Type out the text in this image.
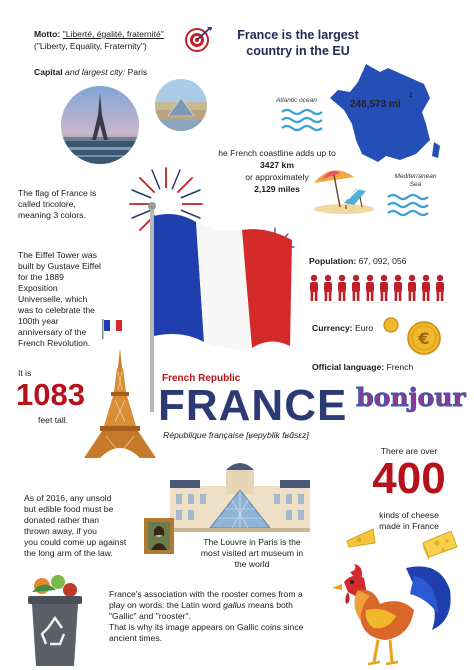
Motto: "Liberté, égalité, fraternité"
("Liberty, Equality, Fraternity")
France is the largest
country in the EU
Capital and largest city: Paris
248,573 mi
2
Atlantic ocean
Mediterranean
Sea
he French coastline adds up to
3427 km
or approximately
2,129 miles
The flag of France is
called tricolore,
meaning 3 colors.
The Eiffel Tower was
built by Gustave Eiffel
for the 1889
Exposition
Universelle, which
was to celebrate the
100th year
anniversary of the
French Revolution.
Population: 67, 092, 056
Currency: Euro
€
Official language: French
bonjour
It is
1083
feet tall.
French Republic
FRANCE
République française [ʁepyblik fʁɑ̃sɛz]
There are over
400
kinds of cheese
made in France
The Louvre in Paris is the
most visited art museum in
the world
As of 2016, any unsold
but edible food must be
donated rather than
thrown away, if you
you could come up against
the long arm of the law.
France's association with the rooster comes from a
play on words: the Latin word gallus means both
"Gallic" and "rooster".
That is why its image appears on Gallic coins since
ancient times.
